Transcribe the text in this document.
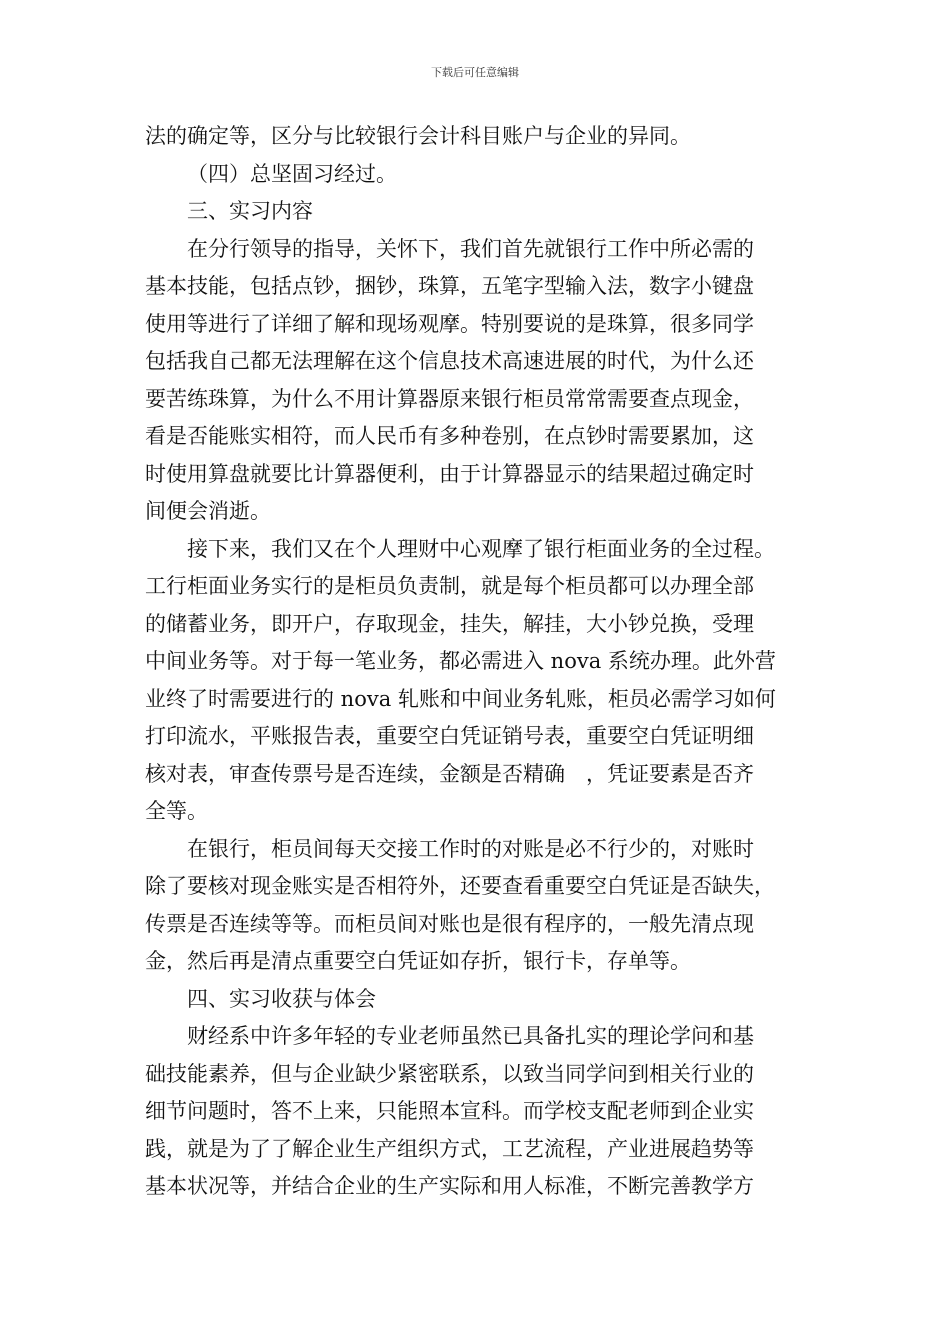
下载后可任意编辑
法的确定等，区分与比较银行会计科目账户与企业的异同。
（四）总坚固习经过。
三、实习内容
在分行领导的指导，关怀下，我们首先就银行工作中所必需的
基本技能，包括点钞，捆钞，珠算，五笔字型输入法，数字小键盘
使用等进行了详细了解和现场观摩。特别要说的是珠算，很多同学
包括我自己都无法理解在这个信息技术高速进展的时代，为什么还
要苦练珠算，为什么不用计算器原来银行柜员常常需要查点现金，
看是否能账实相符，而人民币有多种卷别，在点钞时需要累加，这
时使用算盘就要比计算器便利，由于计算器显示的结果超过确定时
间便会消逝。
接下来，我们又在个人理财中心观摩了银行柜面业务的全过程。
工行柜面业务实行的是柜员负责制，就是每个柜员都可以办理全部
的储蓄业务，即开户，存取现金，挂失，解挂，大小钞兑换，受理
中间业务等。对于每一笔业务，都必需进入 nova 系统办理。此外营
业终了时需要进行的 nova 轧账和中间业务轧账，柜员必需学习如何
打印流水，平账报告表，重要空白凭证销号表，重要空白凭证明细
核对表，审查传票号是否连续，金额是否精确　，凭证要素是否齐
全等。
在银行，柜员间每天交接工作时的对账是必不行少的，对账时
除了要核对现金账实是否相符外，还要查看重要空白凭证是否缺失，
传票是否连续等等。而柜员间对账也是很有程序的，一般先清点现
金，然后再是清点重要空白凭证如存折，银行卡，存单等。
四、实习收获与体会
财经系中许多年轻的专业老师虽然已具备扎实的理论学问和基
础技能素养，但与企业缺少紧密联系，以致当同学问到相关行业的
细节问题时，答不上来，只能照本宣科。而学校支配老师到企业实
践，就是为了了解企业生产组织方式，工艺流程，产业进展趋势等
基本状况等，并结合企业的生产实际和用人标准，不断完善教学方
